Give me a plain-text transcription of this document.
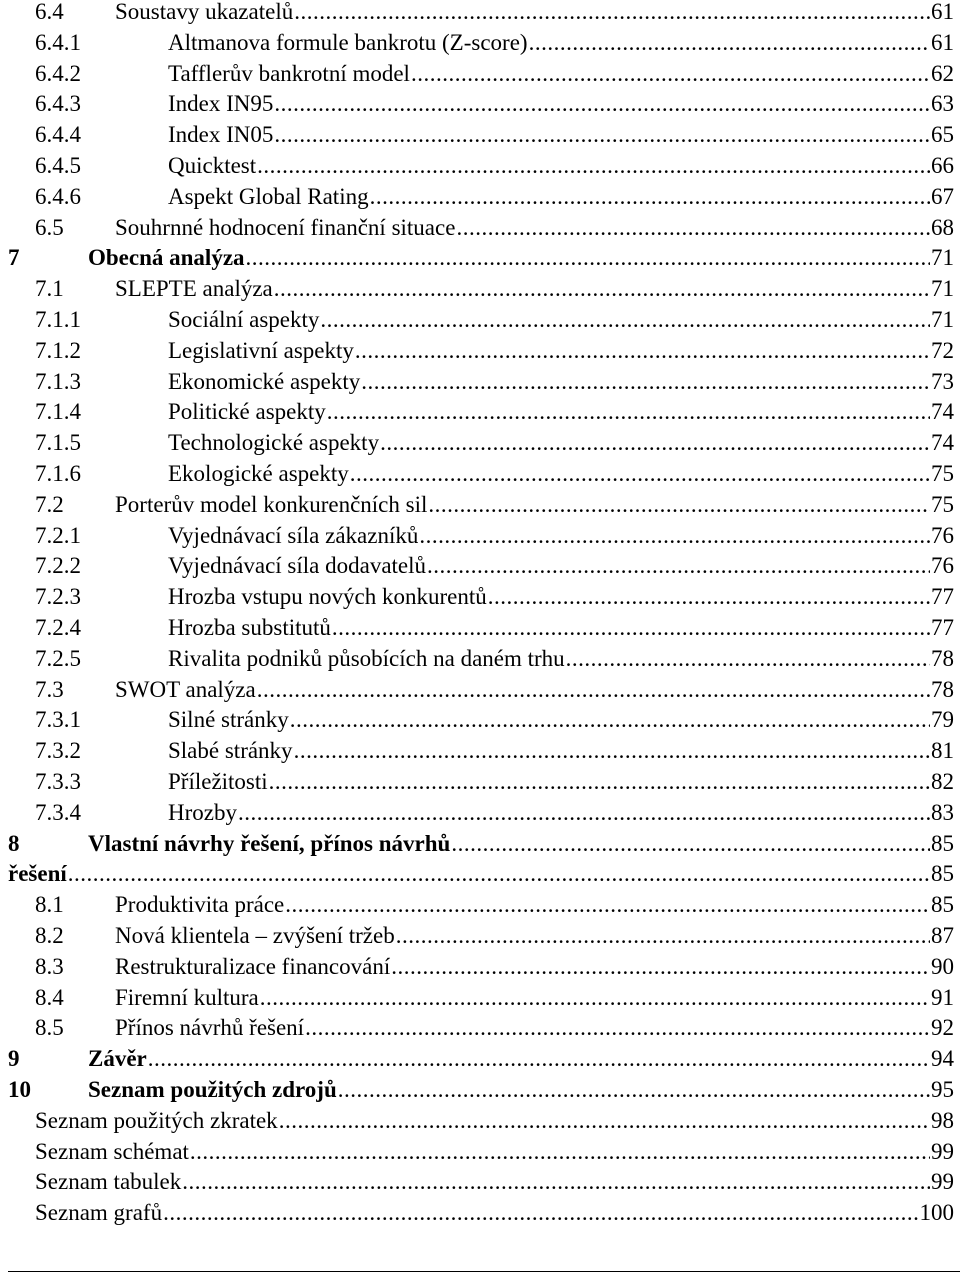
6.4	Soustavy ukazatelů .....	61
6.4.1	Altmanova formule bankrotu (Z-score) .....	61
6.4.2	Tafflerův bankrotní model .....	62
6.4.3	Index IN95 .....	63
6.4.4	Index IN05 .....	65
6.4.5	Quicktest .....	66
6.4.6	Aspekt Global Rating .....	67
6.5	Souhrnné hodnocení finanční situace .....	68
7	Obecná analýza .....	71
7.1	SLEPTE analýza .....	71
7.1.1	Sociální aspekty .....	71
7.1.2	Legislativní aspekty .....	72
7.1.3	Ekonomické aspekty .....	73
7.1.4	Politické aspekty .....	74
7.1.5	Technologické aspekty .....	74
7.1.6	Ekologické aspekty .....	75
7.2	Porterův model konkurenčních sil .....	75
7.2.1	Vyjednávací síla zákazníků .....	76
7.2.2	Vyjednávací síla dodavatelů .....	76
7.2.3	Hrozba vstupu nových konkurentů .....	77
7.2.4	Hrozba substitutů .....	77
7.2.5	Rivalita podniků působících na daném trhu .....	78
7.3	SWOT analýza .....	78
7.3.1	Silné stránky .....	79
7.3.2	Slabé stránky .....	81
7.3.3	Příležitosti .....	82
7.3.4	Hrozby .....	83
8	Vlastní návrhy řešení, přínos návrhů .....	85
řešení .....	85
8.1	Produktivita práce .....	85
8.2	Nová klientela – zvýšení tržeb .....	87
8.3	Restrukturalizace financování .....	90
8.4	Firemní kultura .....	91
8.5	Přínos návrhů řešení .....	92
9	Závěr .....	94
10	Seznam použitých zdrojů .....	95
Seznam použitých zkratek .....	98
Seznam schémat .....	99
Seznam tabulek .....	99
Seznam grafů .....	100
